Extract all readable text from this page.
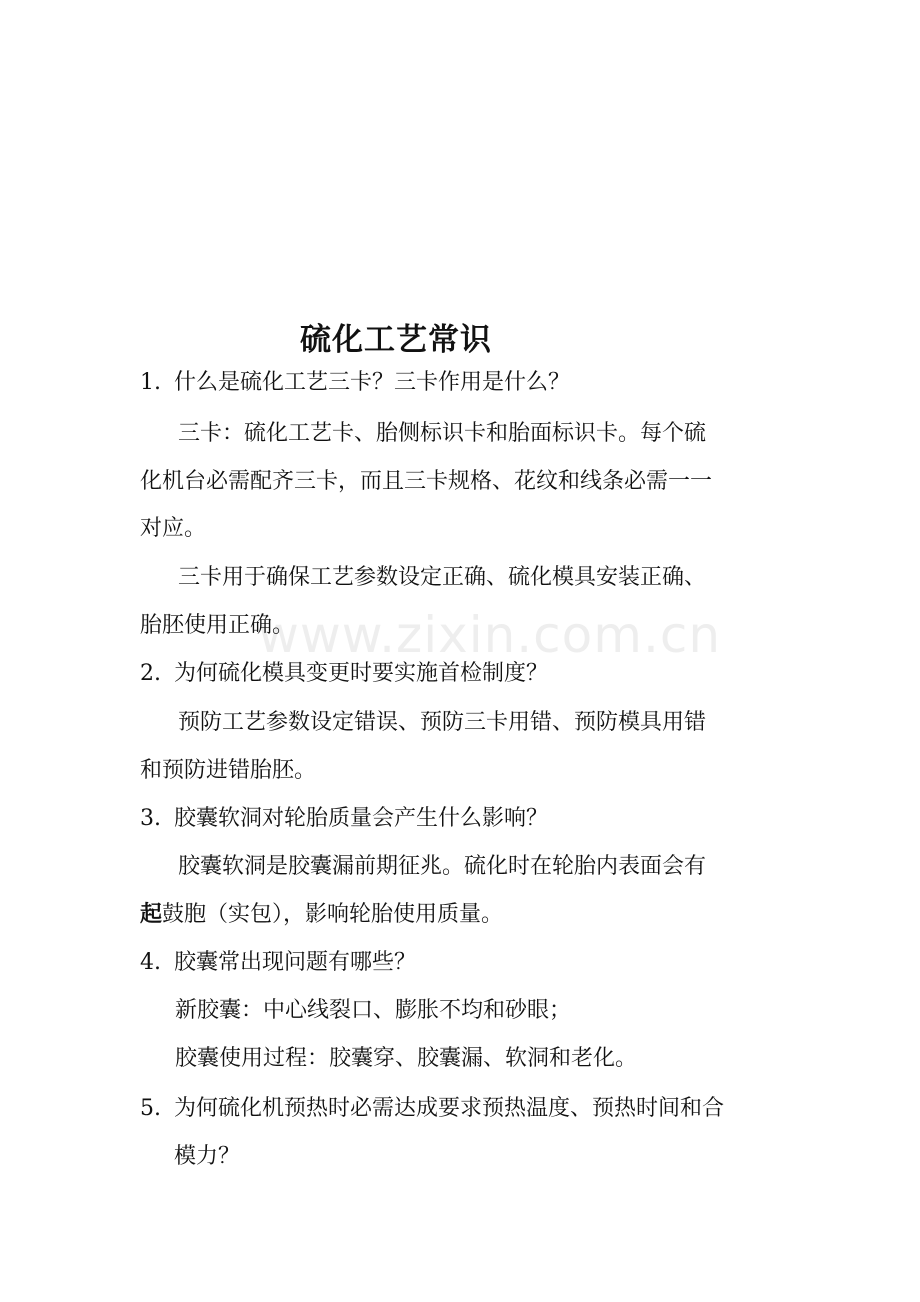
www.zixin.com.cn
硫化工艺常识

1. 什么是硫化工艺三卡？三卡作用是什么？

三卡：硫化工艺卡、胎侧标识卡和胎面标识卡。每个硫

化机台必需配齐三卡，而且三卡规格、花纹和线条必需一一

对应。

三卡用于确保工艺参数设定正确、硫化模具安装正确、

胎胚使用正确。

2. 为何硫化模具变更时要实施首检制度？

预防工艺参数设定错误、预防三卡用错、预防模具用错

和预防进错胎胚。

3. 胶囊软洞对轮胎质量会产生什么影响？

胶囊软洞是胶囊漏前期征兆。硫化时在轮胎内表面会有

起鼓胞（实包），影响轮胎使用质量。

4. 胶囊常出现问题有哪些？

新胶囊：中心线裂口、膨胀不均和砂眼；

胶囊使用过程：胶囊穿、胶囊漏、软洞和老化。

5. 为何硫化机预热时必需达成要求预热温度、预热时间和合

模力？
